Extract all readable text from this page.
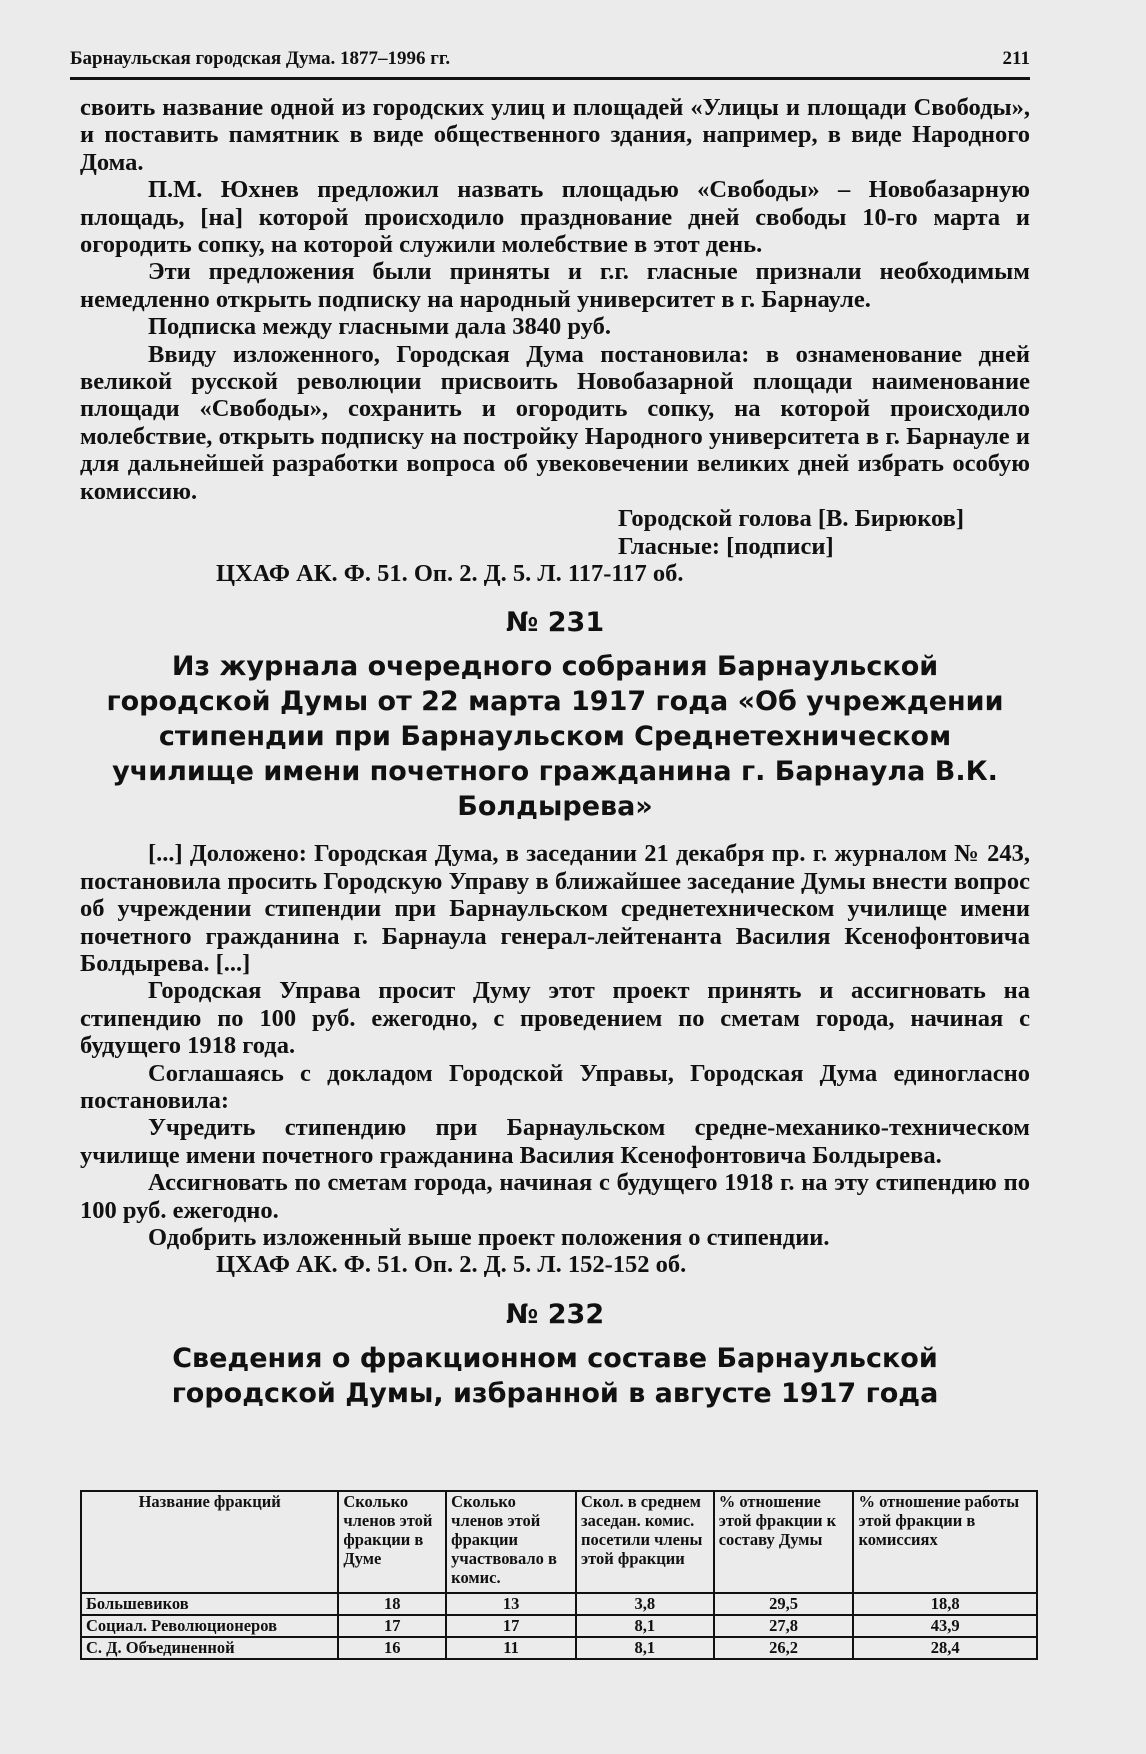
Барнаульская городская Дума. 1877–1996 гг.	211

своить название одной из городских улиц и площадей «Улицы и площади Свободы», и поставить памятник в виде общественного здания, например, в виде Народного Дома.

П.М. Юхнев предложил назвать площадью «Свободы» – Новобазарную площадь, [на] которой происходило празднование дней свободы 10-го марта и огородить сопку, на которой служили молебствие в этот день.

Эти предложения были приняты и г.г. гласные признали необходимым немедленно открыть подписку на народный университет в г. Барнауле.

Подписка между гласными дала 3840 руб.

Ввиду изложенного, Городская Дума постановила: в ознаменование дней великой русской революции присвоить Новобазарной площади наименование площади «Свободы», сохранить и огородить сопку, на которой происходило молебствие, открыть подписку на постройку Народного университета в г. Барнауле и для дальнейшей разработки вопроса об увековечении великих дней избрать особую комиссию.

Городской голова [В. Бирюков]

Гласные: [подписи]

ЦХАФ АК. Ф. 51. Оп. 2. Д. 5. Л. 117-117 об.

№ 231
Из журнала очередного собрания Барнаульской городской Думы от 22 марта 1917 года «Об учреждении стипендии при Барнаульском Среднетехническом училище имени почетного гражданина г. Барнаула В.К. Болдырева»

[...] Доложено: Городская Дума, в заседании 21 декабря пр. г. журналом № 243, постановила просить Городскую Управу в ближайшее заседание Думы внести вопрос об учреждении стипендии при Барнаульском среднетехническом училище имени почетного гражданина г. Барнаула генерал-лейтенанта Василия Ксенофонтовича Болдырева. [...]

Городская Управа просит Думу этот проект принять и ассигновать на стипендию по 100 руб. ежегодно, с проведением по сметам города, начиная с будущего 1918 года.

Соглашаясь с докладом Городской Управы, Городская Дума единогласно постановила:

Учредить стипендию при Барнаульском средне-механико-техническом училище имени почетного гражданина Василия Ксенофонтовича Болдырева.

Ассигновать по сметам города, начиная с будущего 1918 г. на эту стипендию по 100 руб. ежегодно.

Одобрить изложенный выше проект положения о стипендии.

ЦХАФ АК. Ф. 51. Оп. 2. Д. 5. Л. 152-152 об.

№ 232
Сведения о фракционном составе Барнаульской городской Думы, избранной в августе 1917 года
Название фракций	Сколько членов этой фракции в Думе	Сколько членов этой фракции участвовало в комис.	Скол. в среднем заседан. комис. посетили члены этой фракции	% отношение этой фракции к составу Думы	% отношение работы этой фракции в комиссиях
Большевиков	18	13	3,8	29,5	18,8
Социал. Революционеров	17	17	8,1	27,8	43,9
С. Д. Объединенной	16	11	8,1	26,2	28,4
